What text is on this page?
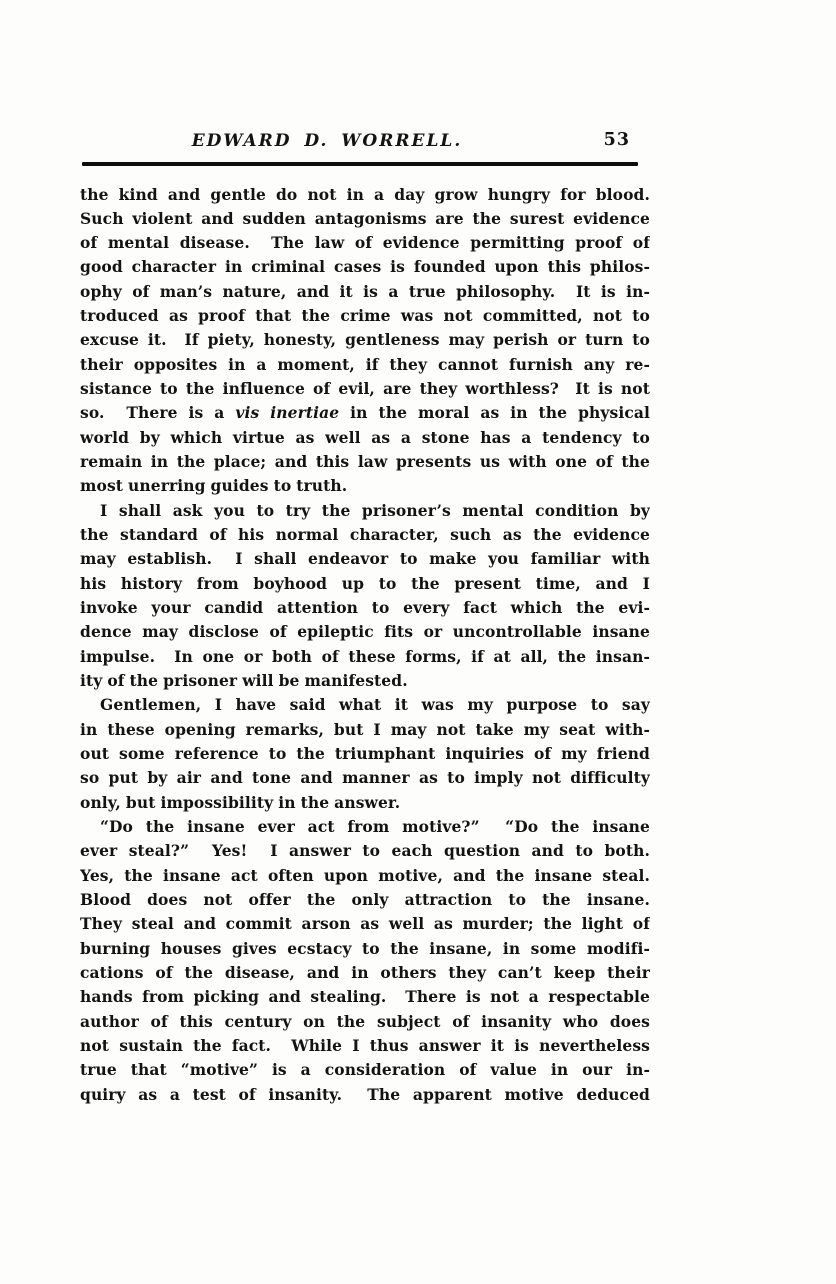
EDWARD D. WORRELL.	53
the kind and gentle do not in a day grow hungry for blood.
Such violent and sudden antagonisms are the surest evidence
of mental disease.  The law of evidence permitting proof of
good character in criminal cases is founded upon this philos-
ophy of man’s nature, and it is a true philosophy.  It is in-
troduced as proof that the crime was not committed, not to
excuse it.  If piety, honesty, gentleness may perish or turn to
their opposites in a moment, if they cannot furnish any re-
sistance to the influence of evil, are they worthless?  It is not
so.  There is a vis inertiae in the moral as in the physical
world by which virtue as well as a stone has a tendency to
remain in the place; and this law presents us with one of the
most unerring guides to truth.
I shall ask you to try the prisoner’s mental condition by
the standard of his normal character, such as the evidence
may establish.  I shall endeavor to make you familiar with
his history from boyhood up to the present time, and I
invoke your candid attention to every fact which the evi-
dence may disclose of epileptic fits or uncontrollable insane
impulse.  In one or both of these forms, if at all, the insan-
ity of the prisoner will be manifested.
Gentlemen, I have said what it was my purpose to say
in these opening remarks, but I may not take my seat with-
out some reference to the triumphant inquiries of my friend
so put by air and tone and manner as to imply not difficulty
only, but impossibility in the answer.
“Do the insane ever act from motive?”  “Do the insane
ever steal?”  Yes!  I answer to each question and to both.
Yes, the insane act often upon motive, and the insane steal.
Blood does not offer the only attraction to the insane.
They steal and commit arson as well as murder; the light of
burning houses gives ecstacy to the insane, in some modifi-
cations of the disease, and in others they can’t keep their
hands from picking and stealing.  There is not a respectable
author of this century on the subject of insanity who does
not sustain the fact.  While I thus answer it is nevertheless
true that “motive” is a consideration of value in our in-
quiry as a test of insanity.  The apparent motive deduced
